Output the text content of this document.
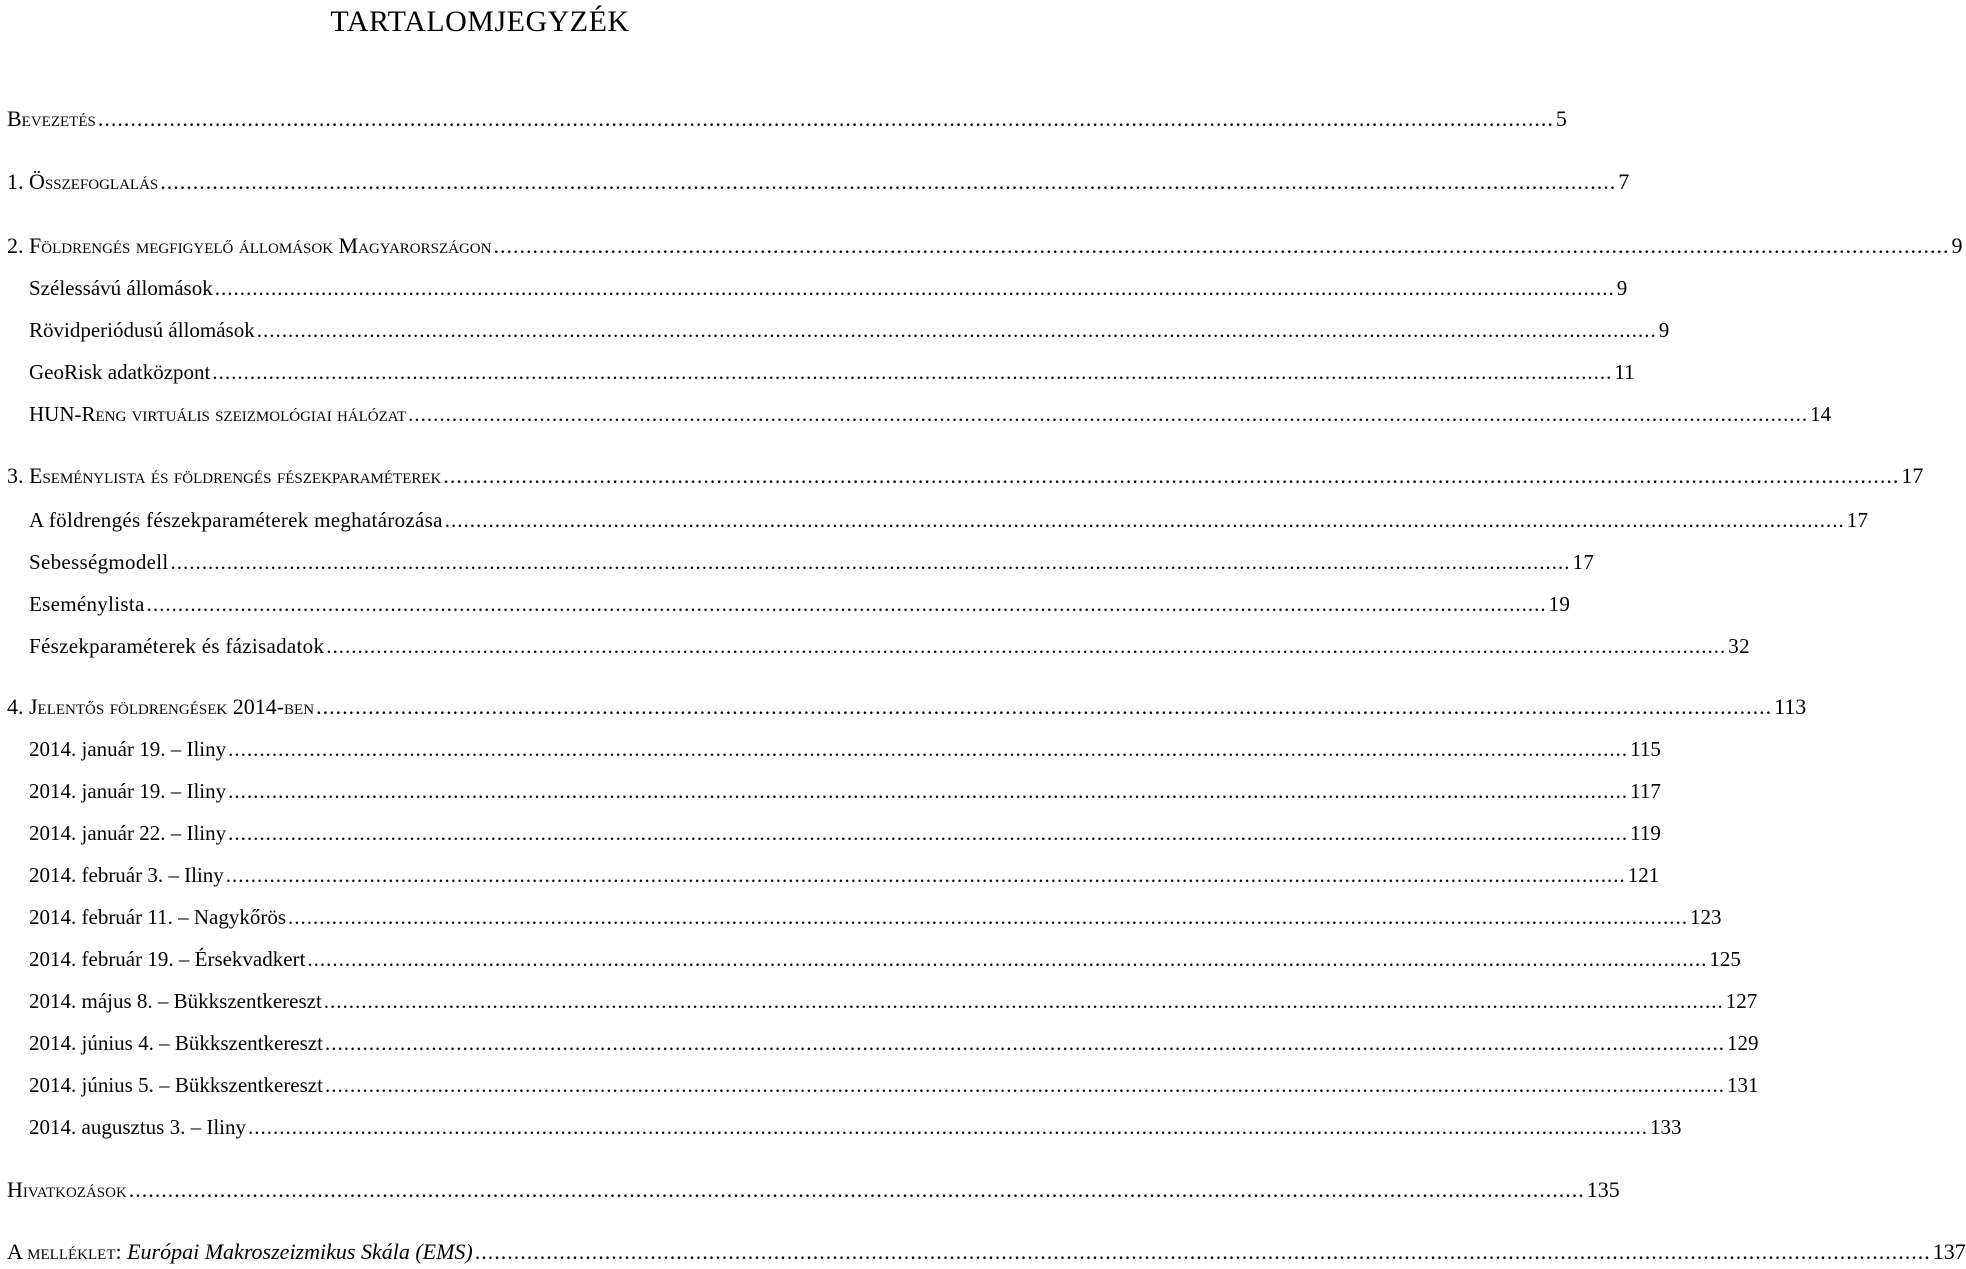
TARTALOMJEGYZÉK
Bevezetés ................................................................................................................................................................................................................................ 5
1. Összefoglalás ................................................................................................................................................................................................................................ 7
2. Földrengés megfigyelő állomások Magyarországon ................................................................................................................................................................................................................................ 9
Szélessávú állomások ................................................................................................................................................................................................................................ 9
Rövidperiódusú állomások ................................................................................................................................................................................................................................ 9
GeoRisk adatközpont ................................................................................................................................................................................................................................ 11
HUN-Reng virtuális szeizmológiai hálózat ................................................................................................................................................................................................................................ 14
3. Eseménylista és földrengés fészekparaméterek ................................................................................................................................................................................................................................ 17
A földrengés fészekparaméterek meghatározása ................................................................................................................................................................................................................................ 17
Sebességmodell ................................................................................................................................................................................................................................ 17
Eseménylista ................................................................................................................................................................................................................................ 19
Fészekparaméterek és fázisadatok ................................................................................................................................................................................................................................ 32
4. Jelentős földrengések 2014-ben ................................................................................................................................................................................................................................ 113
2014. január 19. – Iliny ................................................................................................................................................................................................................................ 115
2014. január 19. – Iliny ................................................................................................................................................................................................................................ 117
2014. január 22. – Iliny ................................................................................................................................................................................................................................ 119
2014. február 3. – Iliny ................................................................................................................................................................................................................................ 121
2014. február 11. – Nagykőrös ................................................................................................................................................................................................................................ 123
2014. február 19. – Érsekvadkert ................................................................................................................................................................................................................................ 125
2014. május 8. – Bükkszentkereszt ................................................................................................................................................................................................................................ 127
2014. június 4. – Bükkszentkereszt ................................................................................................................................................................................................................................ 129
2014. június 5. – Bükkszentkereszt ................................................................................................................................................................................................................................ 131
2014. augusztus 3. – Iliny ................................................................................................................................................................................................................................ 133
Hivatkozások ................................................................................................................................................................................................................................ 135
A melléklet: Európai Makroszeizmikus Skála (EMS) ................................................................................................................................................................................................................................ 137
